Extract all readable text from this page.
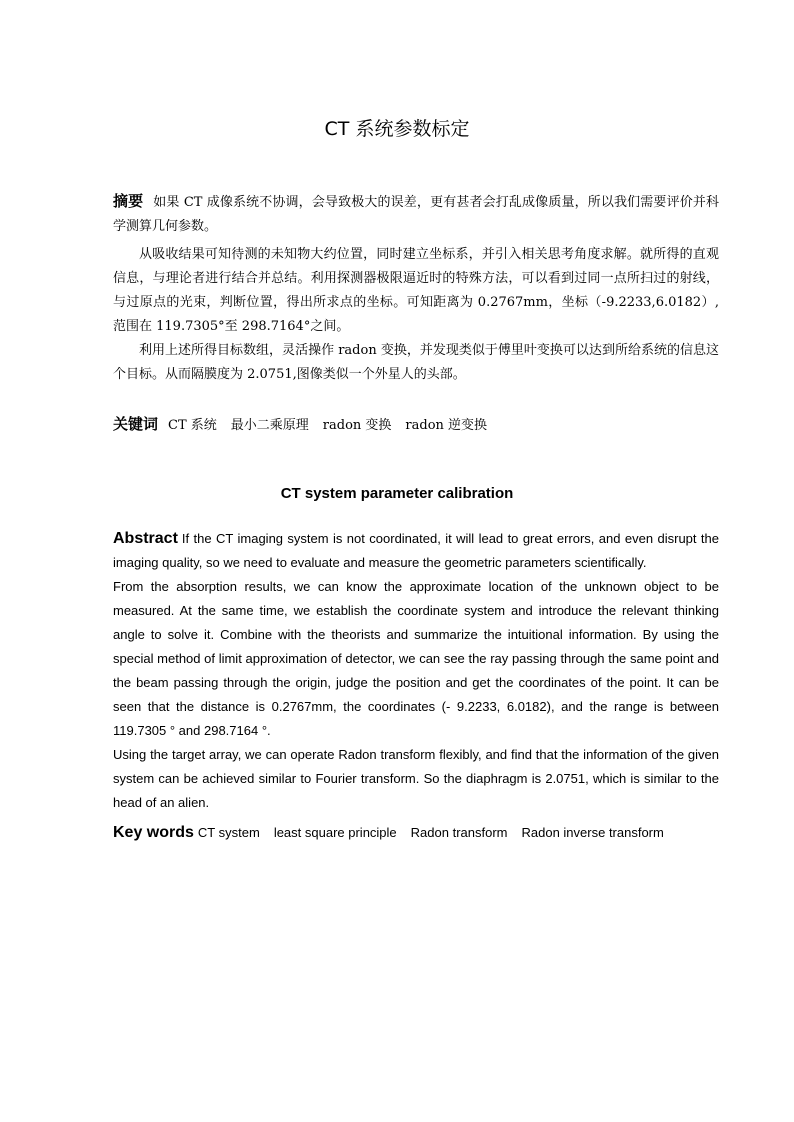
CT 系统参数标定

摘要 如果 CT 成像系统不协调，会导致极大的误差，更有甚者会打乱成像质量，所以我们需要评价并科学测算几何参数。

从吸收结果可知待测的未知物大约位置，同时建立坐标系，并引入相关思考角度求解。就所得的直观信息，与理论者进行结合并总结。利用探测器极限逼近时的特殊方法，可以看到过同一点所扫过的射线，与过原点的光束，判断位置，得出所求点的坐标。可知距离为 0.2767mm，坐标（-9.2233,6.0182）, 范围在 119.7305°至 298.7164°之间。

利用上述所得目标数组，灵活操作 radon 变换，并发现类似于傅里叶变换可以达到所给系统的信息这个目标。从而隔膜度为 2.0751,图像类似一个外星人的头部。

关键词 CT 系统 最小二乘原理 radon 变换 radon 逆变换
CT system parameter calibration

Abstract If the CT imaging system is not coordinated, it will lead to great errors, and even disrupt the imaging quality, so we need to evaluate and measure the geometric parameters scientifically.

From the absorption results, we can know the approximate location of the unknown object to be measured. At the same time, we establish the coordinate system and introduce the relevant thinking angle to solve it. Combine with the theorists and summarize the intuitional information. By using the special method of limit approximation of detector, we can see the ray passing through the same point and the beam passing through the origin, judge the position and get the coordinates of the point. It can be seen that the distance is 0.2767mm, the coordinates (- 9.2233, 6.0182), and the range is between 119.7305 ° and 298.7164 °.

Using the target array, we can operate Radon transform flexibly, and find that the information of the given system can be achieved similar to Fourier transform. So the diaphragm is 2.0751, which is similar to the head of an alien.

Key words CT system least square principle Radon transform Radon inverse transform
